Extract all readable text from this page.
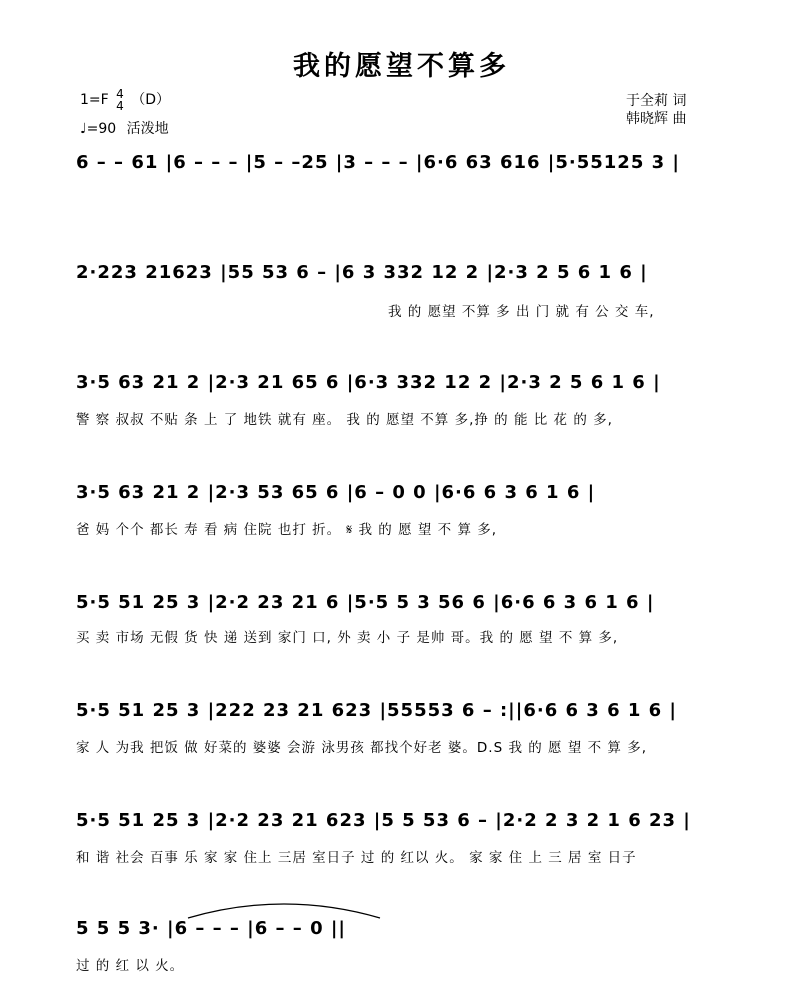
我的愿望不算多
1=F 4
4 （D）
♩=90 活泼地
于全莉 词
韩晓辉 曲
6 – – 61 |6 – – – |5 – –25 |3 – – – |6·6 63 616 |5·55125 3 |
2·223 21623 |55 53 6 – |6 3 332 12 2 |2·3 2 5 6 1 6 |
我 的 愿望 不算 多 出 门 就 有 公 交 车,
3·5 63 21 2 |2·3 21 65 6 |6·3 332 12 2 |2·3 2 5 6 1 6 |
警 察 叔叔 不贴 条 上 了 地铁 就有 座。 我 的 愿望 不算 多,挣 的 能 比 花 的 多,
3·5 63 21 2 |2·3 53 65 6 |6 – 0 0 |6·6 6 3 6 1 6 |
爸 妈 个个 都长 寿 看 病 住院 也打 折。 𝄋 我 的 愿 望 不 算 多,
5·5 51 25 3 |2·2 23 21 6 |5·5 5 3 56 6 |6·6 6 3 6 1 6 |
买 卖 市场 无假 货 快 递 送到 家门 口, 外 卖 小 子 是帅 哥。我 的 愿 望 不 算 多,
5·5 51 25 3 |222 23 21 623 |55553 6 – :||6·6 6 3 6 1 6 |
家 人 为我 把饭 做 好菜的 婆婆 会游 泳男孩 都找个好老 婆。D.S 我 的 愿 望 不 算 多,
5·5 51 25 3 |2·2 23 21 623 |5 5 53 6 – |2·2 2 3 2 1 6 23 |
和 谐 社会 百事 乐 家 家 住上 三居 室日子 过 的 红以 火。 家 家 住 上 三 居 室 日子
5 5 5 3· |6 – – – |6 – – 0 ||
过 的 红 以 火。
